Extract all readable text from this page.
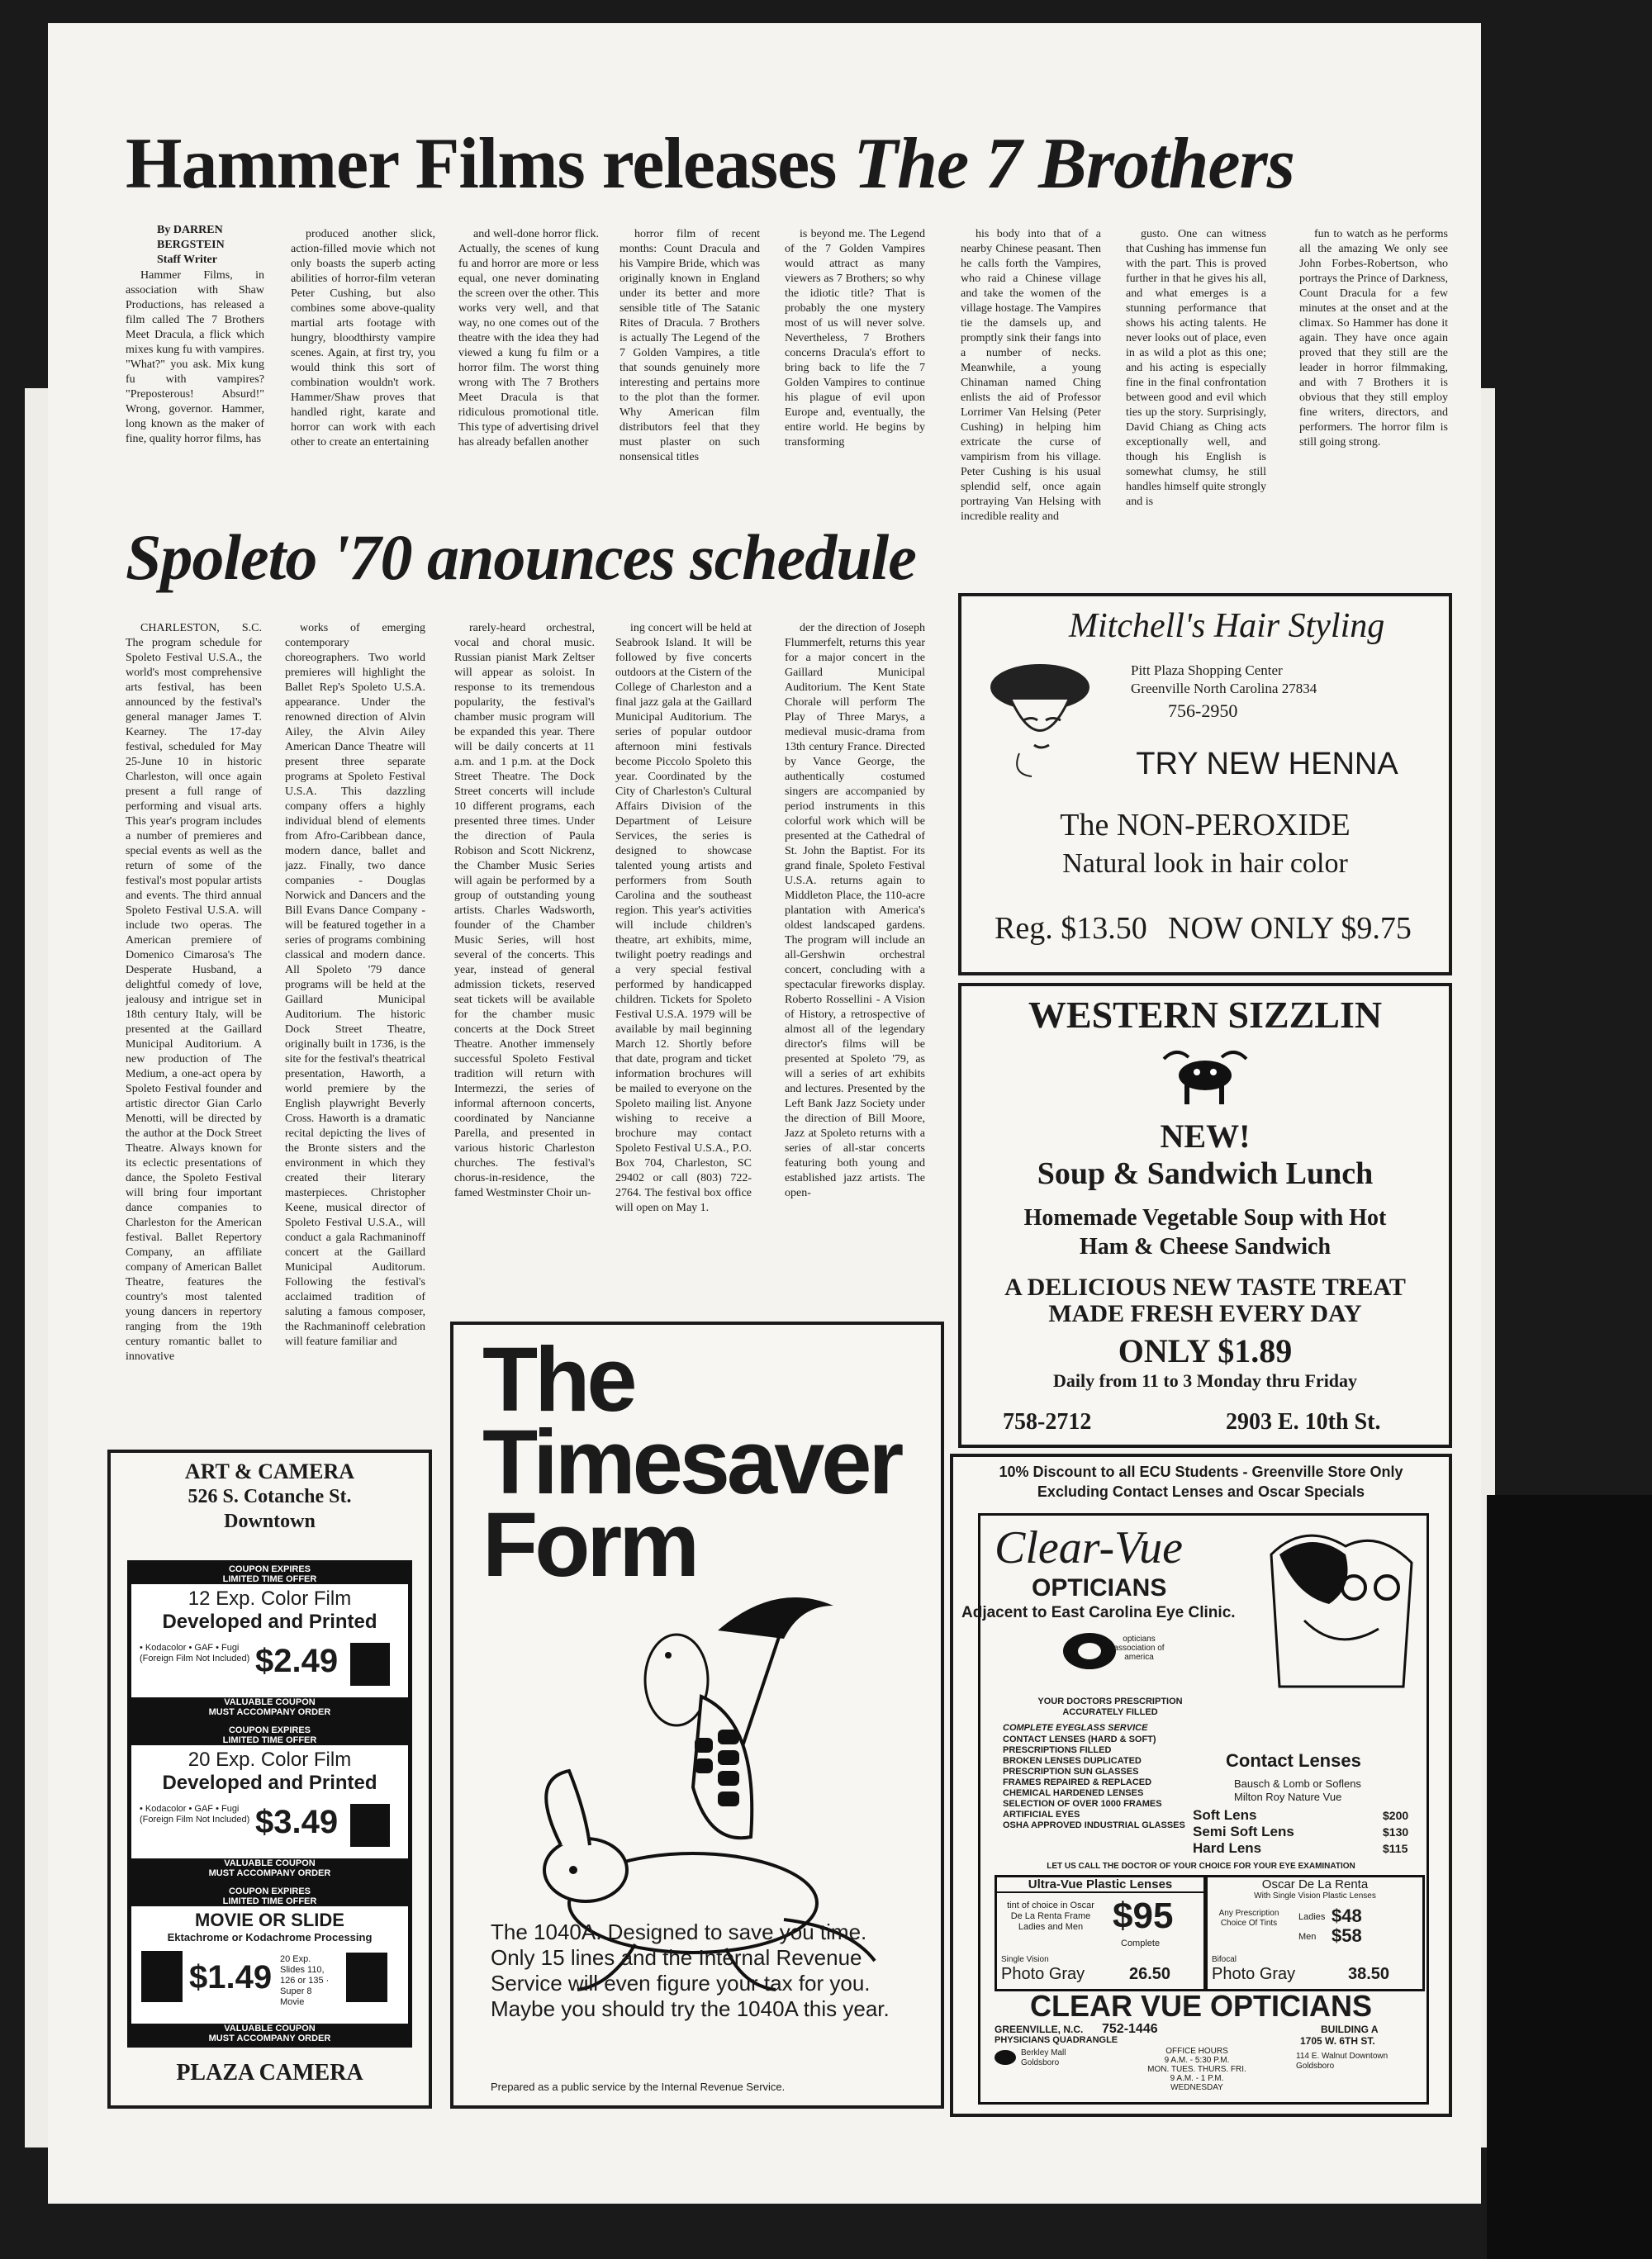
Hammer Films releases The 7 Brothers
By DARREN BERGSTEIN
Staff Writer

Hammer Films, in association with Shaw Productions, has released a film called The 7 Brothers Meet Dracula, a flick which mixes kung fu with vampires. "What?" you ask. Mix kung fu with vampires? "Preposterous! Absurd!" Wrong, governor. Hammer, long known as the maker of fine, quality horror films, has

produced another slick, action-filled movie which not only boasts the superb acting abilities of horror-film veteran Peter Cushing, but also combines some above-quality martial arts footage with hungry, bloodthirsty vampire scenes. Again, at first try, you would think this sort of combination wouldn't work. Hammer/Shaw proves that handled right, karate and horror can work with each other to create an entertaining

and well-done horror flick. Actually, the scenes of kung fu and horror are more or less equal, one never dominating the screen over the other. This works very well, and that way, no one comes out of the theatre with the idea they had viewed a kung fu film or a horror film. The worst thing wrong with The 7 Brothers Meet Dracula is that ridiculous promotional title. This type of advertising drivel has already befallen another

horror film of recent months: Count Dracula and his Vampire Bride, which was originally known in England under its better and more sensible title of The Satanic Rites of Dracula. 7 Brothers is actually The Legend of the 7 Golden Vampires, a title that sounds genuinely more interesting and pertains more to the plot than the former. Why American film distributors feel that they must plaster on such nonsensical titles

is beyond me. The Legend of the 7 Golden Vampires would attract as many viewers as 7 Brothers; so why the idiotic title? That is probably the one mystery most of us will never solve. Nevertheless, 7 Brothers concerns Dracula's effort to bring back to life the 7 Golden Vampires to continue his plague of evil upon Europe and, eventually, the entire world. He begins by transforming

his body into that of a nearby Chinese peasant. Then he calls forth the Vampires, who raid a Chinese village and take the women of the village hostage. The Vampires tie the damsels up, and promptly sink their fangs into a number of necks. Meanwhile, a young Chinaman named Ching enlists the aid of Professor Lorrimer Van Helsing (Peter Cushing) in helping him extricate the curse of vampirism from his village. Peter Cushing is his usual splendid self, once again portraying Van Helsing with incredible reality and

gusto. One can witness that Cushing has immense fun with the part. This is proved further in that he gives his all, and what emerges is a stunning performance that shows his acting talents. He never looks out of place, even in as wild a plot as this one; and his acting is especially fine in the final confrontation between good and evil which ties up the story. Surprisingly, David Chiang as Ching acts exceptionally well, and though his English is somewhat clumsy, he still handles himself quite strongly and is

fun to watch as he performs all the amazing We only see John Forbes-Robertson, who portrays the Prince of Darkness, Count Dracula for a few minutes at the onset and at the climax. So Hammer has done it again. They have once again proved that they still are the leader in horror filmmaking, and with 7 Brothers it is obvious that they still employ fine writers, directors, and performers. The horror film is still going strong.

Spoleto '70 anounces schedule

CHARLESTON, S.C. The program schedule for Spoleto Festival U.S.A., the world's most comprehensive arts festival, has been announced by the festival's general manager James T. Kearney. The 17-day festival, scheduled for May 25-June 10 in historic Charleston, will once again present a full range of performing and visual arts. This year's program includes a number of premieres and special events as well as the return of some of the festival's most popular artists and events. The third annual Spoleto Festival U.S.A. will include two operas. The American premiere of Domenico Cimarosa's The Desperate Husband, a delightful comedy of love, jealousy and intrigue set in 18th century Italy, will be presented at the Gaillard Municipal Auditorium. A new production of The Medium, a one-act opera by Spoleto Festival founder and artistic director Gian Carlo Menotti, will be directed by the author at the Dock Street Theatre. Always known for its eclectic presentations of dance, the Spoleto Festival will bring four important dance companies to Charleston for the American festival. Ballet Repertory Company, an affiliate company of American Ballet Theatre, features the country's most talented young dancers in repertory ranging from the 19th century romantic ballet to innovative

works of emerging contemporary choreographers. Two world premieres will highlight the Ballet Rep's Spoleto U.S.A. appearance. Under the renowned direction of Alvin Ailey, the Alvin Ailey American Dance Theatre will present three separate programs at Spoleto Festival U.S.A. This dazzling company offers a highly individual blend of elements from Afro-Caribbean dance, modern dance, ballet and jazz. Finally, two dance companies - Douglas Norwick and Dancers and the Bill Evans Dance Company - will be featured together in a series of programs combining classical and modern dance. All Spoleto '79 dance programs will be held at the Gaillard Municipal Auditorium. The historic Dock Street Theatre, originally built in 1736, is the site for the festival's theatrical presentation, Haworth, a world premiere by the English playwright Beverly Cross. Haworth is a dramatic recital depicting the lives of the Bronte sisters and the environment in which they created their literary masterpieces. Christopher Keene, musical director of Spoleto Festival U.S.A., will conduct a gala Rachmaninoff concert at the Gaillard Municipal Auditorum. Following the festival's acclaimed tradition of saluting a famous composer, the Rachmaninoff celebration will feature familiar and

rarely-heard orchestral, vocal and choral music. Russian pianist Mark Zeltser will appear as soloist. In response to its tremendous popularity, the festival's chamber music program will be expanded this year. There will be daily concerts at 11 a.m. and 1 p.m. at the Dock Street Theatre. The Dock Street concerts will include 10 different programs, each presented three times. Under the direction of Paula Robison and Scott Nickrenz, the Chamber Music Series will again be performed by a group of outstanding young artists. Charles Wadsworth, founder of the Chamber Music Series, will host several of the concerts. This year, instead of general admission tickets, reserved seat tickets will be available for the chamber music concerts at the Dock Street Theatre. Another immensely successful Spoleto Festival tradition will return with Intermezzi, the series of informal afternoon concerts, coordinated by Nancianne Parella, and presented in various historic Charleston churches. The festival's chorus-in-residence, the famed Westminster Choir un-

ing concert will be held at Seabrook Island. It will be followed by five concerts outdoors at the Cistern of the College of Charleston and a final jazz gala at the Gaillard Municipal Auditorium. The series of popular outdoor afternoon mini festivals become Piccolo Spoleto this year. Coordinated by the City of Charleston's Cultural Affairs Division of the Department of Leisure Services, the series is designed to showcase talented young artists and performers from South Carolina and the southeast region. This year's activities will include children's theatre, art exhibits, mime, twilight poetry readings and a very special festival performed by handicapped children. Tickets for Spoleto Festival U.S.A. 1979 will be available by mail beginning March 12. Shortly before that date, program and ticket information brochures will be mailed to everyone on the Spoleto mailing list. Anyone wishing to receive a brochure may contact Spoleto Festival U.S.A., P.O. Box 704, Charleston, SC 29402 or call (803) 722-2764. The festival box office will open on May 1.

der the direction of Joseph Flummerfelt, returns this year for a major concert in the Gaillard Municipal Auditorium. The Kent State Chorale will perform The Play of Three Marys, a medieval music-drama from 13th century France. Directed by Vance George, the authentically costumed singers are accompanied by period instruments in this colorful work which will be presented at the Cathedral of St. John the Baptist. For its grand finale, Spoleto Festival U.S.A. returns again to Middleton Place, the 110-acre plantation with America's oldest landscaped gardens. The program will include an all-Gershwin orchestral concert, concluding with a spectacular fireworks display. Roberto Rossellini - A Vision of History, a retrospective of almost all of the legendary director's films will be presented at Spoleto '79, as will a series of art exhibits and lectures. Presented by the Left Bank Jazz Society under the direction of Bill Moore, Jazz at Spoleto returns with a series of all-star concerts featuring both young and established jazz artists. The open-

Mitchell's Hair Styling
Pitt Plaza Shopping Center
Greenville North Carolina 27834
756-2950
TRY NEW HENNA
The NON-PEROXIDE
Natural look in hair color
Reg. $13.50 NOW ONLY $9.75
WESTERN SIZZLIN
NEW!
Soup & Sandwich Lunch
Homemade Vegetable Soup with Hot
Ham & Cheese Sandwich
A DELICIOUS NEW TASTE TREAT
MADE FRESH EVERY DAY
ONLY $1.89
Daily from 11 to 3 Monday thru Friday
758-2712	2903 E. 10th St.
ART & CAMERA
526 S. Cotanche St.
Downtown
COUPON EXPIRES
LIMITED TIME OFFER
12 Exp. Color Film
Developed and Printed
• Kodacolor • GAF • Fugi (Foreign Film Not Included) $2.49
VALUABLE COUPON
MUST ACCOMPANY ORDER
COUPON EXPIRES
LIMITED TIME OFFER
20 Exp. Color Film
Developed and Printed
• Kodacolor • GAF • Fugi (Foreign Film Not Included) $3.49
VALUABLE COUPON
MUST ACCOMPANY ORDER
COUPON EXPIRES
LIMITED TIME OFFER
MOVIE OR SLIDE
Ektachrome or Kodachrome Processing
$1.49 20 Exp. Slides 110, 126 or 135 · Super 8 Movie
VALUABLE COUPON
MUST ACCOMPANY ORDER
PLAZA CAMERA
The
Timesaver
Form
The 1040A. Designed to save you time. Only 15 lines and the Internal Revenue Service will even figure your tax for you. Maybe you should try the 1040A this year.
Prepared as a public service by the Internal Revenue Service.
10% Discount to all ECU Students - Greenville Store Only
Excluding Contact Lenses and Oscar Specials
Clear-Vue
OPTICIANS
Adjacent to East Carolina Eye Clinic.
opticians association of america
YOUR DOCTORS PRESCRIPTION
ACCURATELY FILLED
COMPLETE EYEGLASS SERVICE
CONTACT LENSES (HARD & SOFT)
PRESCRIPTIONS FILLED
BROKEN LENSES DUPLICATED
PRESCRIPTION SUN GLASSES
FRAMES REPAIRED & REPLACED
CHEMICAL HARDENED LENSES
SELECTION OF OVER 1000 FRAMES
ARTIFICIAL EYES
OSHA APPROVED INDUSTRIAL GLASSES
Contact Lenses
Bausch & Lomb or Soflens
Milton Roy Nature Vue
Soft Lens	$200
Semi Soft Lens	$130
Hard Lens	$115
LET US CALL THE DOCTOR OF YOUR CHOICE FOR YOUR EYE EXAMINATION
Ultra-Vue Plastic Lenses
tint of choice in Oscar De La Renta Frame Ladies and Men $95
Complete
Single Vision
Photo Gray	26.50
Oscar De La Renta
With Single Vision Plastic Lenses
Any Prescription Choice Of Tints
Ladies $48
Men $58
Bifocal
Photo Gray	38.50
CLEAR VUE OPTICIANS
GREENVILLE, N.C. 752-1446
PHYSICIANS QUADRANGLE
BUILDING A
1705 W. 6TH ST.
Berkley Mall Goldsboro
OFFICE HOURS
9 A.M. - 5:30 P.M.
MON. TUES. THURS. FRI.
9 A.M. - 1 P.M.
WEDNESDAY
114 E. Walnut Downtown Goldsboro
